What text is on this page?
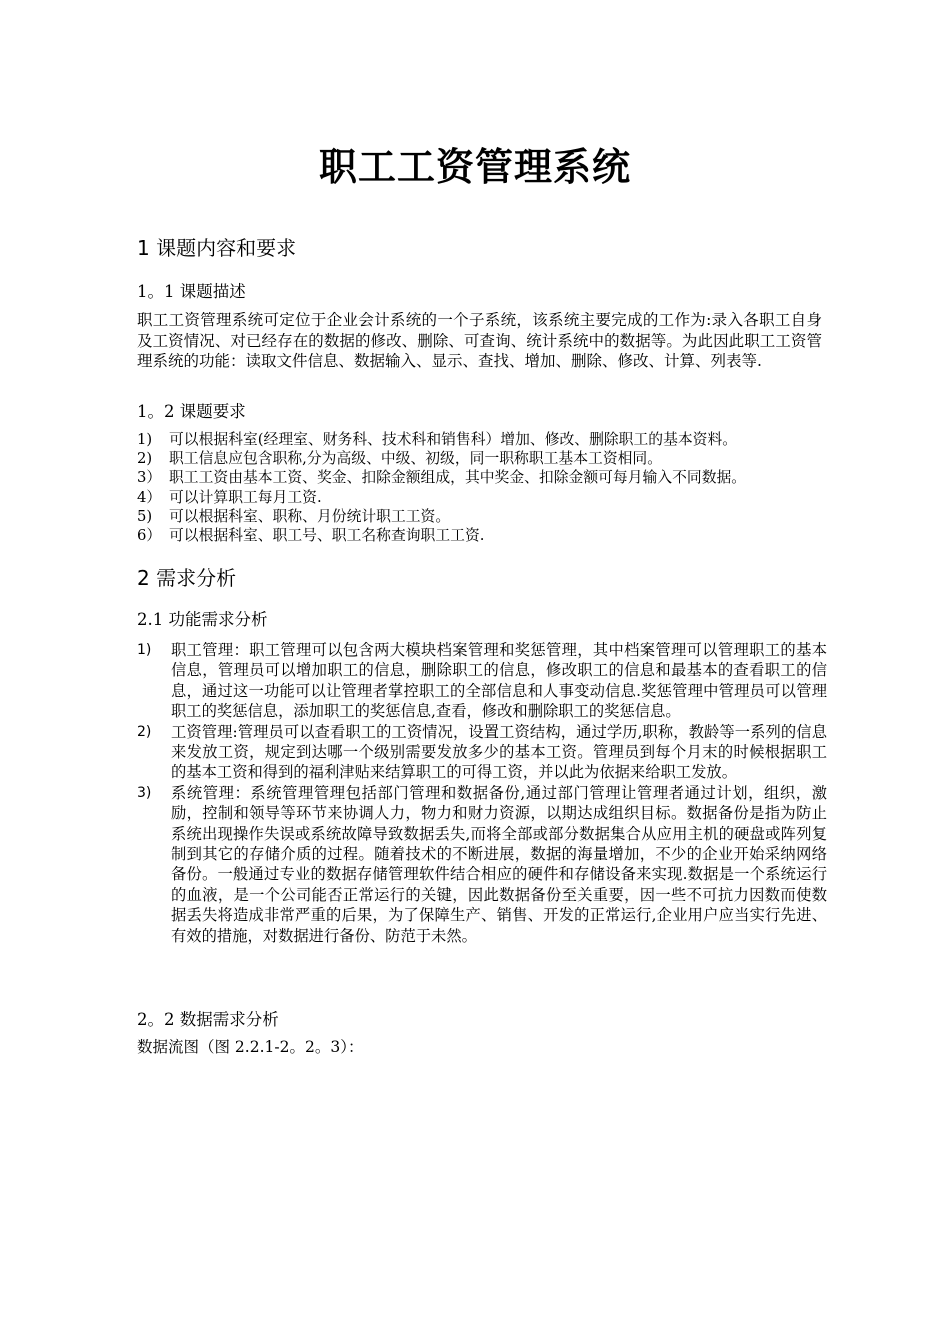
职工工资管理系统
1 课题内容和要求
1。1 课题描述
职工工资管理系统可定位于企业会计系统的一个子系统，该系统主要完成的工作为:录入各职工自身及工资情况、对已经存在的数据的修改、删除、可查询、统计系统中的数据等。为此因此职工工资管理系统的功能：读取文件信息、数据输入、显示、查找、增加、删除、修改、计算、列表等.
1。2 课题要求
1)	可以根据科室(经理室、财务科、技术科和销售科）增加、修改、删除职工的基本资料。
2)	职工信息应包含职称,分为高级、中级、初级，同一职称职工基本工资相同。
3） 职工工资由基本工资、奖金、扣除金额组成，其中奖金、扣除金额可每月输入不同数据。
4） 可以计算职工每月工资.
5)	可以根据科室、职称、月份统计职工工资。
6） 可以根据科室、职工号、职工名称查询职工工资.
2 需求分析
2.1 功能需求分析
1)	职工管理：职工管理可以包含两大模块档案管理和奖惩管理，其中档案管理可以管理职工的基本信息，管理员可以增加职工的信息，删除职工的信息，修改职工的信息和最基本的查看职工的信息，通过这一功能可以让管理者掌控职工的全部信息和人事变动信息.奖惩管理中管理员可以管理职工的奖惩信息，添加职工的奖惩信息,查看，修改和删除职工的奖惩信息。
2)	工资管理:管理员可以查看职工的工资情况，设置工资结构，通过学历,职称，教龄等一系列的信息来发放工资，规定到达哪一个级别需要发放多少的基本工资。管理员到每个月末的时候根据职工的基本工资和得到的福利津贴来结算职工的可得工资，并以此为依据来给职工发放。
3)	系统管理：系统管理管理包括部门管理和数据备份,通过部门管理让管理者通过计划，组织，激励，控制和领导等环节来协调人力，物力和财力资源，以期达成组织目标。数据备份是指为防止系统出现操作失误或系统故障导致数据丢失,而将全部或部分数据集合从应用主机的硬盘或阵列复制到其它的存储介质的过程。随着技术的不断进展，数据的海量增加，不少的企业开始采纳网络备份。一般通过专业的数据存储管理软件结合相应的硬件和存储设备来实现.数据是一个系统运行的血液，是一个公司能否正常运行的关键，因此数据备份至关重要，因一些不可抗力因数而使数据丢失将造成非常严重的后果，为了保障生产、销售、开发的正常运行,企业用户应当实行先进、有效的措施，对数据进行备份、防范于未然。
2。2 数据需求分析
数据流图（图 2.2.1-2。2。3）：
